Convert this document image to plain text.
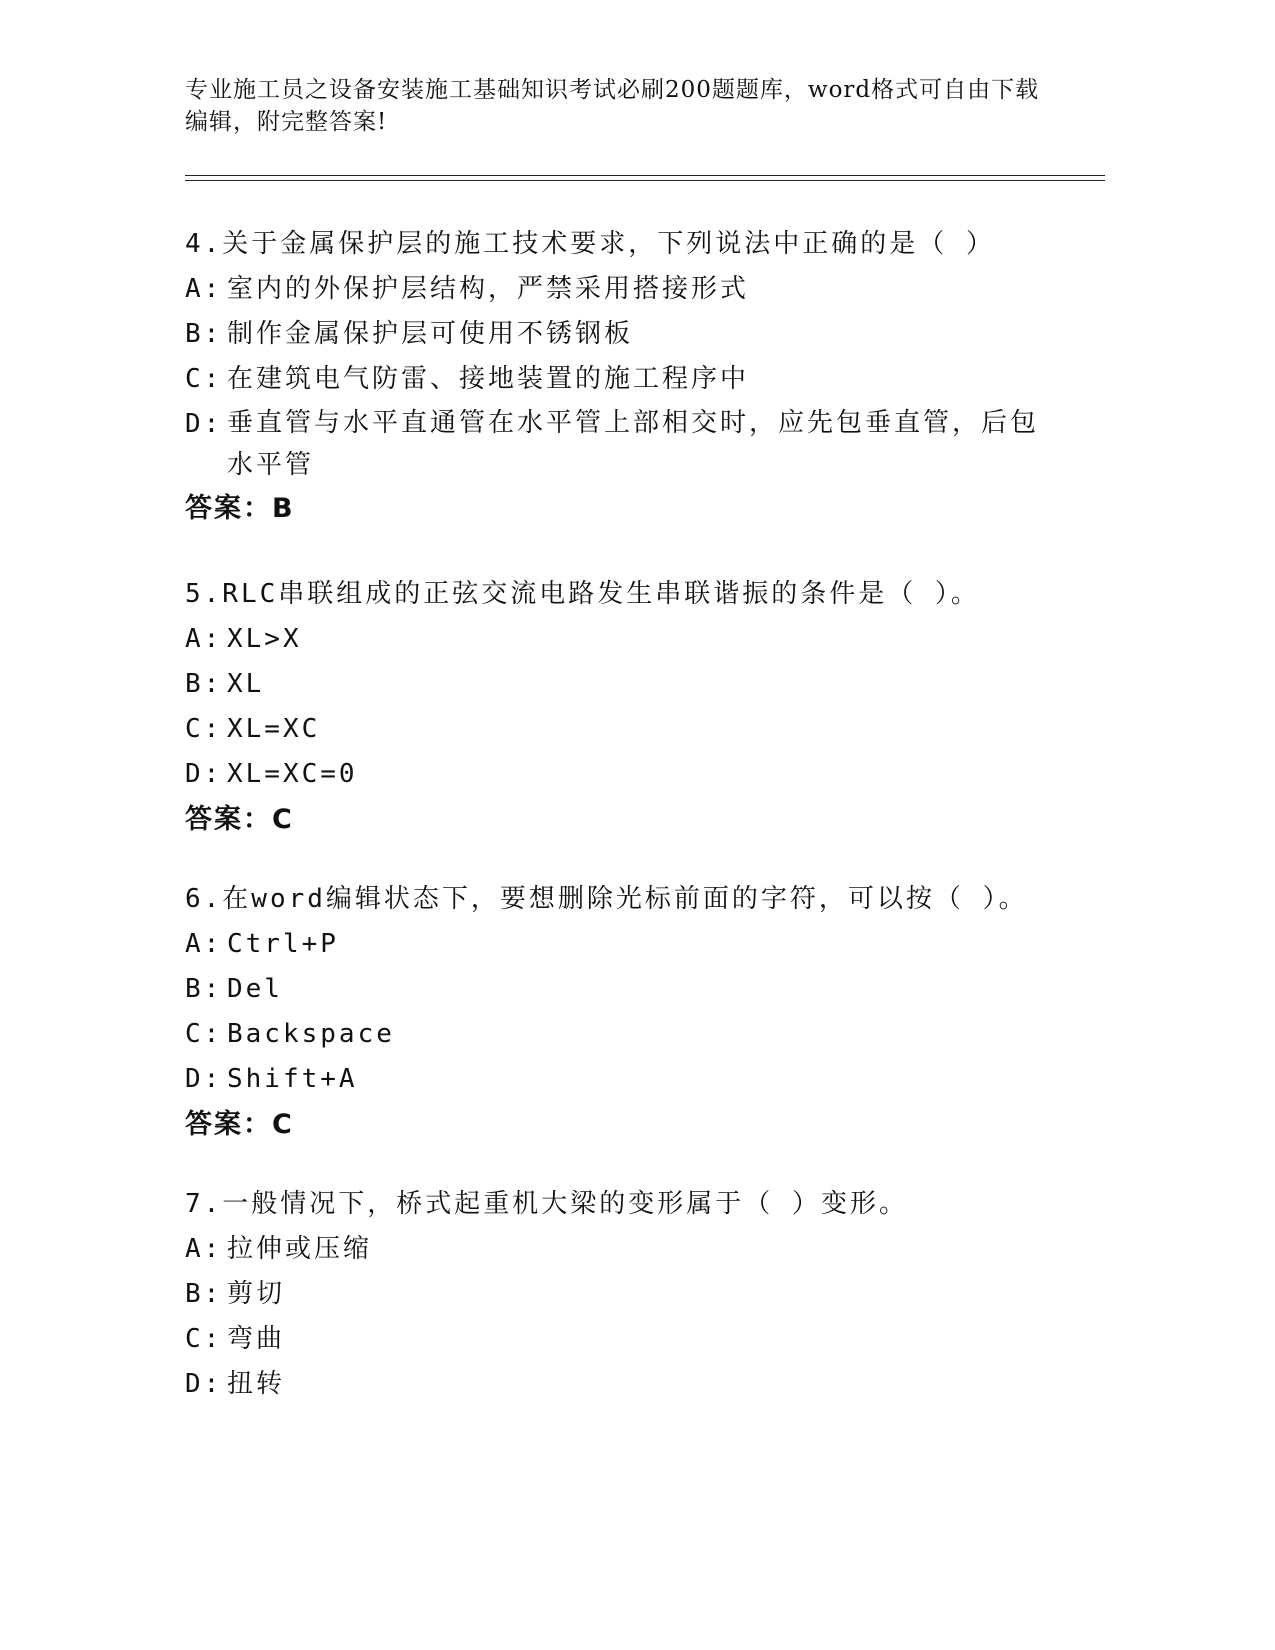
专业施工员之设备安装施工基础知识考试必刷200题题库，word格式可自由下载
编辑，附完整答案!
4.关于金属保护层的施工技术要求，下列说法中正确的是（ ）
A: 室内的外保护层结构，严禁采用搭接形式
B: 制作金属保护层可使用不锈钢板
C: 在建筑电气防雷、接地装置的施工程序中
D: 垂直管与水平直通管在水平管上部相交时，应先包垂直管，后包水平管
答案：B
5.RLC串联组成的正弦交流电路发生串联谐振的条件是（ ）。
A: XL>X
B: XL
C: XL=XC
D: XL=XC=0
答案：C
6.在word编辑状态下，要想删除光标前面的字符，可以按（ ）。
A: Ctrl+P
B: Del
C: Backspace
D: Shift+A
答案：C
7.一般情况下，桥式起重机大梁的变形属于（ ）变形。
A: 拉伸或压缩
B: 剪切
C: 弯曲
D: 扭转
